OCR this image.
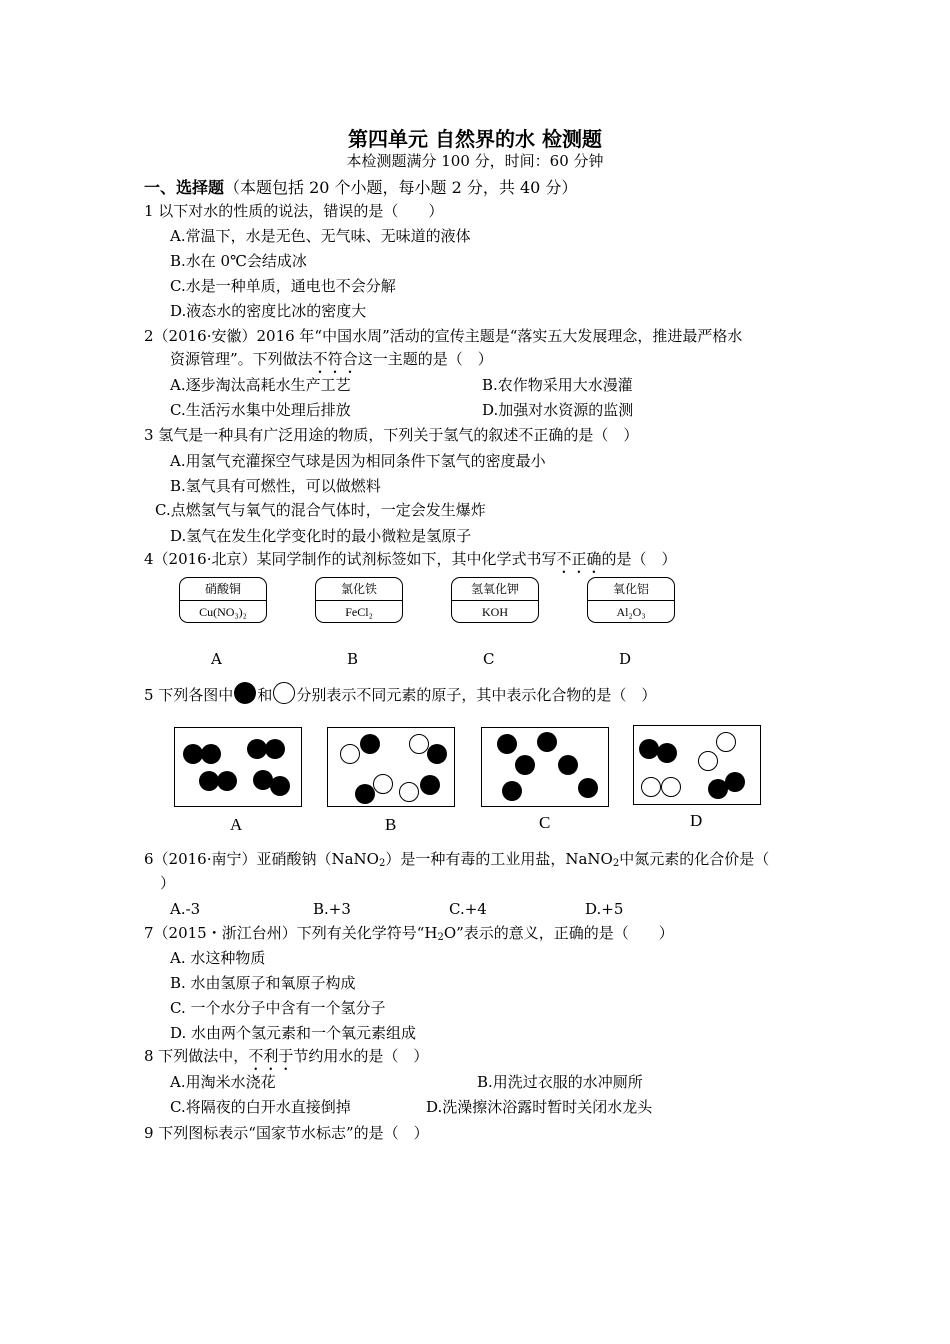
第四单元 自然界的水 检测题
本检测题满分 100 分，时间：60 分钟
一、选择题（本题包括 20 个小题，每小题 2 分，共 40 分）
1 以下对水的性质的说法，错误的是（　　）
A.常温下，水是无色、无气味、无味道的液体
B.水在 0℃会结成冰
C.水是一种单质，通电也不会分解
D.液态水的密度比冰的密度大
2（2016·安徽）2016 年“中国水周”活动的宣传主题是“落实五大发展理念，推进最严格水
资源管理”。下列做法不符合这一主题的是（　）
A.逐步淘汰高耗水生产工艺	B.农作物采用大水漫灌
C.生活污水集中处理后排放	D.加强对水资源的监测
3 氢气是一种具有广泛用途的物质，下列关于氢气的叙述不正确的是（　）
A.用氢气充灌探空气球是因为相同条件下氢气的密度最小
B.氢气具有可燃性，可以做燃料
C.点燃氢气与氧气的混合气体时，一定会发生爆炸
D.氢气在发生化学变化时的最小微粒是氢原子
4（2016·北京）某同学制作的试剂标签如下，其中化学式书写不正确的是（　）
硝酸铜
Cu(NO₃)₂
氯化铁
FeCl₂
氢氧化钾
KOH
氧化铝
Al₂O₃
A	B	C	D
5 下列各图中 和 分别表示不同元素的原子，其中表示化合物的是（　）
A	B	C	D
6（2016·南宁）亚硝酸钠（NaNO$_2$）是一种有毒的工业用盐，NaNO$_2$中氮元素的化合价是（
）
A.-3	B.+3	C.+4	D.+5
7（2015・浙江台州）下列有关化学符号“$H_2O$”表示的意义，正确的是（　　）
A. 水这种物质
B. 水由氢原子和氧原子构成
C. 一个水分子中含有一个氢分子
D. 水由两个氢元素和一个氧元素组成
8 下列做法中，不利于节约用水的是（　）
A.用淘米水浇花	B.用洗过衣服的水冲厕所
C.将隔夜的白开水直接倒掉	D.洗澡擦沐浴露时暂时关闭水龙头
9 下列图标表示“国家节水标志”的是（　）
